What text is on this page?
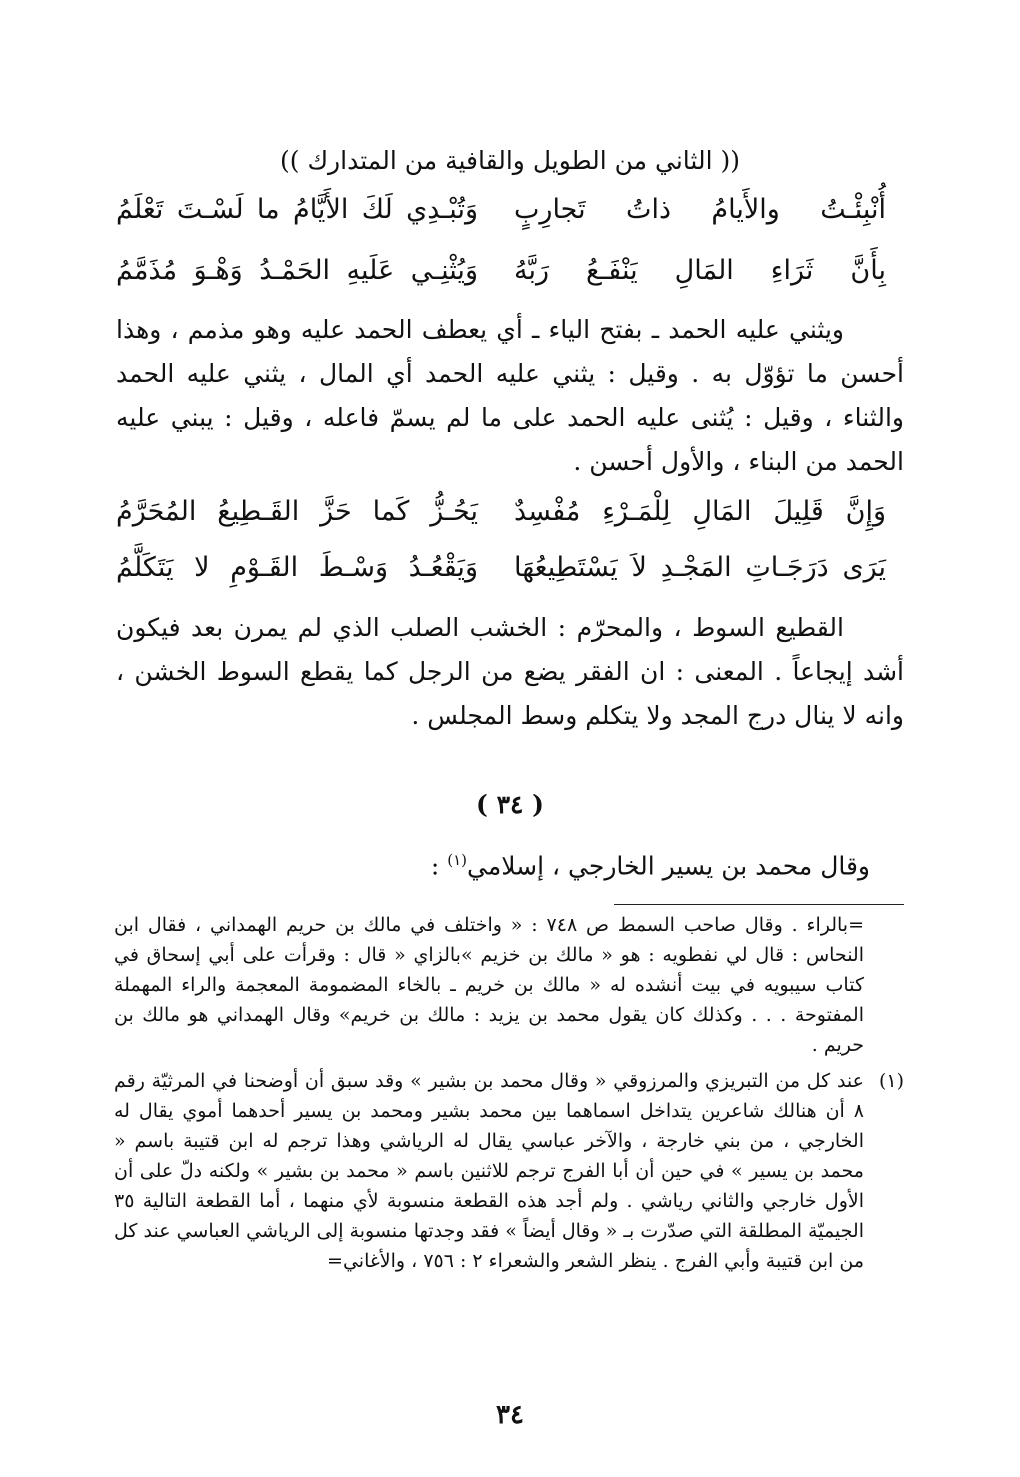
(( الثاني من الطويل والقافية من المتدارك ))
أُنْبِئْـتُ والأَيامُ ذاتُ تَجارِبٍ
وَتُبْـدِي لَكَ الأَيَّامُ ما لَسْـتَ تَعْلَمُ
بِأَنَّ ثَرَاءِ المَالِ يَنْفَـعُ رَبَّهُ
وَيُثْنِـي عَلَيهِ الحَمْـدُ وَهْـوَ مُذَمَّمُ
ويثني عليه الحمد ـ بفتح الياء ـ أي يعطف الحمد عليه وهو مذمم ، وهذا أحسن ما تؤوّل به . وقيل : يثني عليه الحمد أي المال ، يثني عليه الحمد والثناء ، وقيل : يُثنى عليه الحمد على ما لم يسمّ فاعله ، وقيل : يبني عليه الحمد من البناء ، والأول أحسن .
وَإِنَّ قَلِيلَ المَالِ لِلْمَـرْءِ مُفْسِدٌ
يَحُـزُّ كَما حَزَّ القَـطِيعُ المُحَرَّمُ
يَرَى دَرَجَـاتِ المَجْـدِ لاَ يَسْتَطِيعُهَا
وَيَقْعُـدُ وَسْـطَ القَـوْمِ لا يَتَكَلَّمُ
القطيع السوط ، والمحرّم : الخشب الصلب الذي لم يمرن بعد فيكون أشد إيجاعاً . المعنى : ان الفقر يضع من الرجل كما يقطع السوط الخشن ، وانه لا ينال درج المجد ولا يتكلم وسط المجلس .
( ٣٤ )
وقال محمد بن يسير الخارجي ، إسلامي$^{(١)}$ :
=بالراء . وقال صاحب السمط ص ٧٤٨ : « واختلف في مالك بن حريم الهمداني ، فقال ابن النحاس : قال لي نفطويه : هو « مالك بن خزيم »بالزاي « قال : وقرأت على أبي إسحاق في كتاب سيبويه في بيت أنشده له « مالك بن خريم ـ بالخاء المضمومة المعجمة والراء المهملة المفتوحة . . . وكذلك كان يقول محمد بن يزيد : مالك بن خريم» وقال الهمداني هو مالك بن حريم .
(١)
عند كل من التبريزي والمرزوقي « وقال محمد بن بشير » وقد سبق أن أوضحنا في المرثيّة رقم ٨ أن هنالك شاعرين يتداخل اسماهما بين محمد بشير ومحمد بن يسير أحدهما أموي يقال له الخارجي ، من بني خارجة ، والآخر عباسي يقال له الرياشي وهذا ترجم له ابن قتيبة باسم « محمد بن يسير » في حين أن أبا الفرج ترجم للاثنين باسم « محمد بن بشير » ولكنه دلّ على أن الأول خارجي والثاني رياشي . ولم أجد هذه القطعة منسوبة لأي منهما ، أما القطعة التالية ٣٥ الجيميّة المطلقة التي صدّرت بـ « وقال أيضاً » فقد وجدتها منسوبة إلى الرياشي العباسي عند كل من ابن قتيبة وأبي الفرج . ينظر الشعر والشعراء ٢ : ٧٥٦ ، والأغاني=
٣٤
